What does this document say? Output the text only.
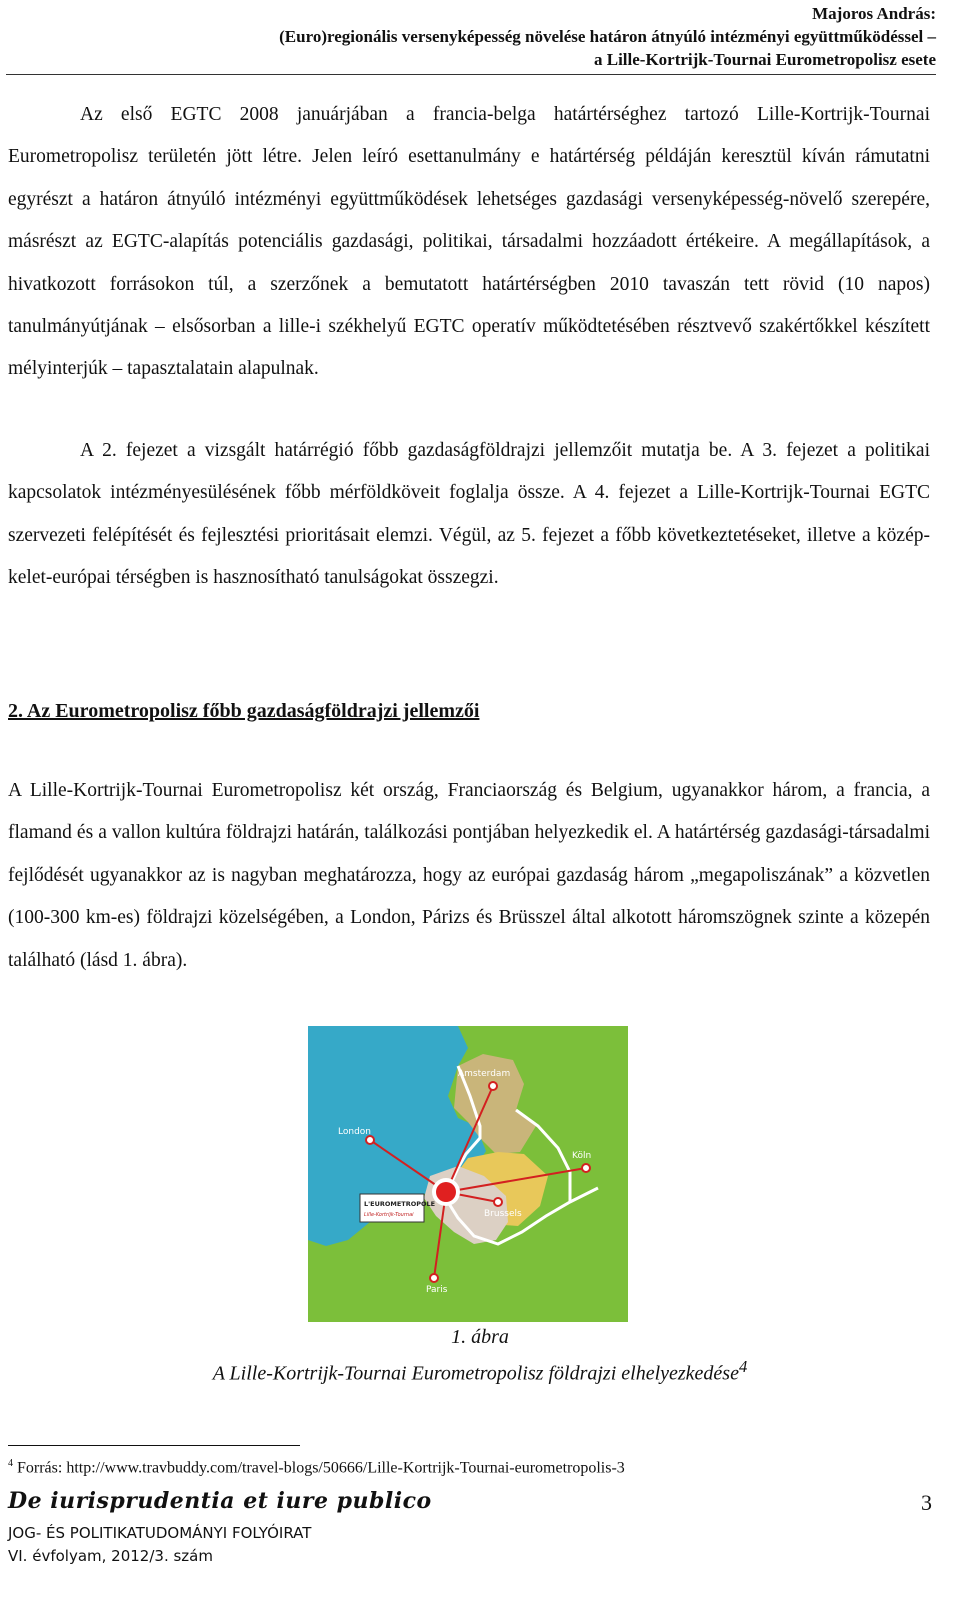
Majoros András:
(Euro)regionális versenyképesség növelése határon átnyúló intézményi együttműködéssel –
a Lille-Kortrijk-Tournai Eurometropolisz esete

Az első EGTC 2008 januárjában a francia-belga határtérséghez tartozó Lille-Kortrijk-Tournai Eurometropolisz területén jött létre. Jelen leíró esettanulmány e határtérség példáján keresztül kíván rámutatni egyrészt a határon átnyúló intézményi együttműködések lehetséges gazdasági versenyképesség-növelő szerepére, másrészt az EGTC-alapítás potenciális gazdasági, politikai, társadalmi hozzáadott értékeire. A megállapítások, a hivatkozott forrásokon túl, a szerzőnek a bemutatott határtérségben 2010 tavaszán tett rövid (10 napos) tanulmányútjának – elsősorban a lille-i székhelyű EGTC operatív működtetésében résztvevő szakértőkkel készített mélyinterjúk – tapasztalatain alapulnak.

A 2. fejezet a vizsgált határrégió főbb gazdaságföldrajzi jellemzőit mutatja be. A 3. fejezet a politikai kapcsolatok intézményesülésének főbb mérföldköveit foglalja össze. A 4. fejezet a Lille-Kortrijk-Tournai EGTC szervezeti felépítését és fejlesztési prioritásait elemzi. Végül, az 5. fejezet a főbb következtetéseket, illetve a közép-kelet-európai térségben is hasznosítható tanulságokat összegzi.

2. Az Eurometropolisz főbb gazdaságföldrajzi jellemzői

A Lille-Kortrijk-Tournai Eurometropolisz két ország, Franciaország és Belgium, ugyanakkor három, a francia, a flamand és a vallon kultúra földrajzi határán, találkozási pontjában helyezkedik el. A határtérség gazdasági-társadalmi fejlődését ugyanakkor az is nagyban meghatározza, hogy az európai gazdaság három „megapoliszának” a közvetlen (100-300 km-es) földrajzi közelségében, a London, Párizs és Brüsszel által alkotott háromszögnek szinte a közepén található (lásd 1. ábra).

London
Amsterdam
Köln
Brussels
Paris
L'EUROMETROPOLE
Lille-Kortrijk-Tournai
1. ábra
A Lille-Kortrijk-Tournai Eurometropolisz földrajzi elhelyezkedése$^4$
$^4$ Forrás: http://www.travbuddy.com/travel-blogs/50666/Lille-Kortrijk-Tournai-eurometropolis-3
De iurisprudentia et iure publico
JOG- ÉS POLITIKATUDOMÁNYI FOLYÓIRAT
VI. évfolyam, 2012/3. szám
3
